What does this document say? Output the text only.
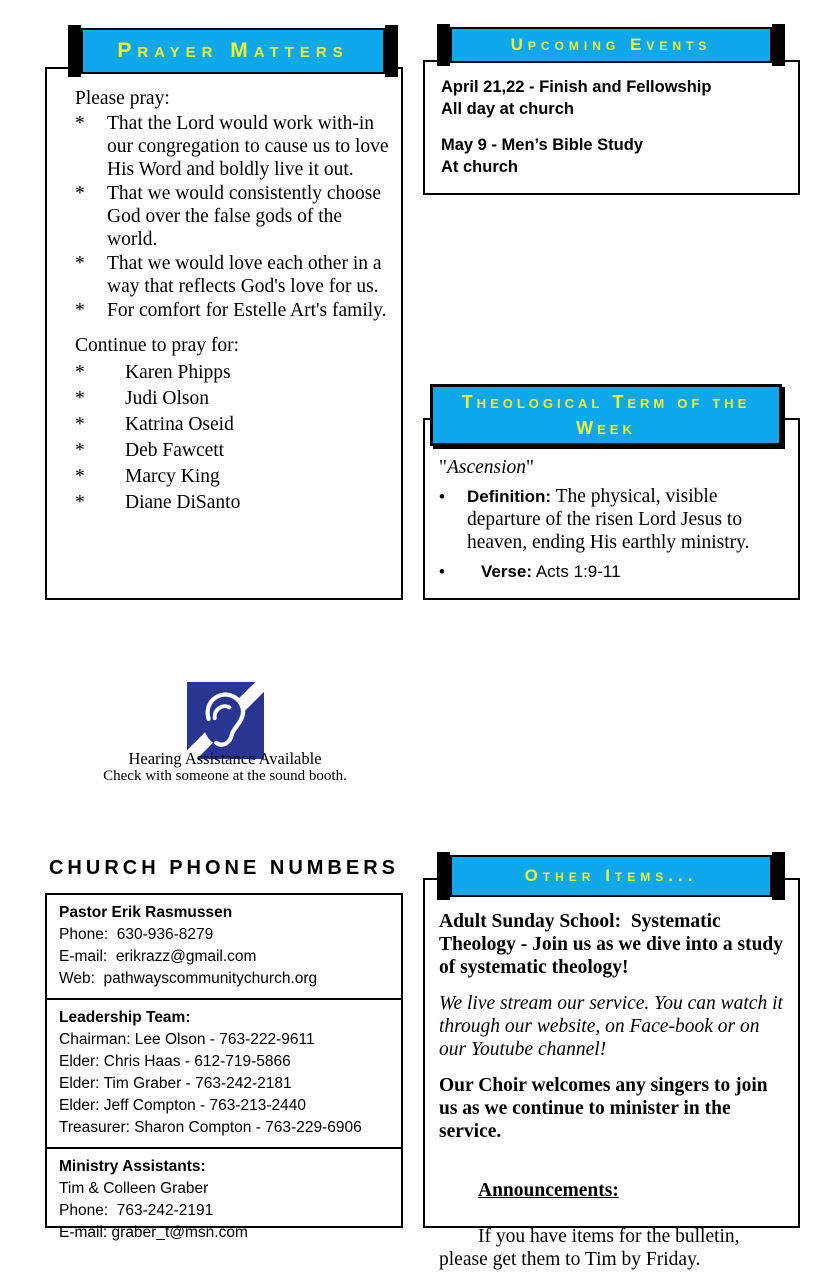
Please pray:
*	That the Lord would work with-in our congregation to cause us to love His Word and boldly live it out.
*	That we would consistently choose God over the false gods of the world.
*	That we would love each other in a way that reflects God's love for us.
*	For comfort for Estelle Art's family.
Continue to pray for:
*	Karen Phipps
*	Judi Olson
*	Katrina Oseid
*	Deb Fawcett
*	Marcy King
*	Diane DiSanto
Prayer Matters
April 21,22 - Finish and Fellowship
All day at church
May 9 - Men’s Bible Study
At church
Upcoming Events
"Ascension"
•	Definition: The physical, visible departure of the risen Lord Jesus to heaven, ending His earthly ministry.
•	Verse: Acts 1:9-11
Theological Term of the Week
Hearing Assistance Available
Check with someone at the sound booth.
CHURCH PHONE NUMBERS
Pastor Erik Rasmussen
Phone:  630-936-8279
E-mail:  erikrazz@gmail.com
Web:  pathwayscommunitychurch.org
Leadership Team:
Chairman: Lee Olson - 763-222-9611
Elder: Chris Haas - 612-719-5866
Elder: Tim Graber - 763-242-2181
Elder: Jeff Compton - 763-213-2440
Treasurer: Sharon Compton - 763-229-6906
Ministry Assistants:
Tim & Colleen Graber
Phone:  763-242-2191
E-mail: graber_t@msn.com

Adult Sunday School:  Systematic Theology - Join us as we dive into a study of systematic theology!

We live stream our service. You can watch it through our website, on Face-book or on our Youtube channel!

Our Choir welcomes any singers to join us as we continue to minister in the service.

Announcements:

If you have items for the bulletin, please get them to Tim by Friday.

Other Items...
